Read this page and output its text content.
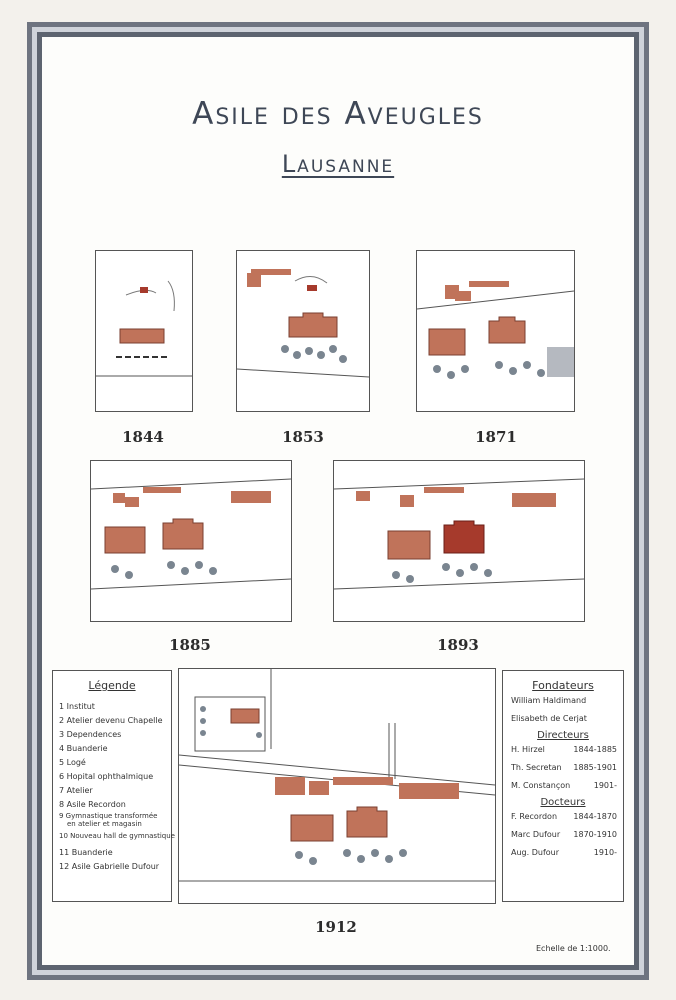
Asile des Aveugles
Lausanne
1844	1853	1871
1885	1893
Légende
1 Institut
2 Atelier devenu Chapelle
3 Dependences
4 Buanderie
5 Logé
6 Hopital ophthalmique
7 Atelier
8 Asile Recordon
9 Gymnastique transformée
en atelier et magasin
10 Nouveau hall de gymnastique
11 Buanderie
12 Asile Gabrielle Dufour
1912
Fondateurs
William Haldimand
Elisabeth de Cerjat
Directeurs
H. Hirzel	1844-1885
Th. Secretan 1885-1901
M. Constançon	1901-
Docteurs
F. Recordon 1844-1870
Marc Dufour 1870-1910
Aug. Dufour	1910-
Echelle de 1:1000.
